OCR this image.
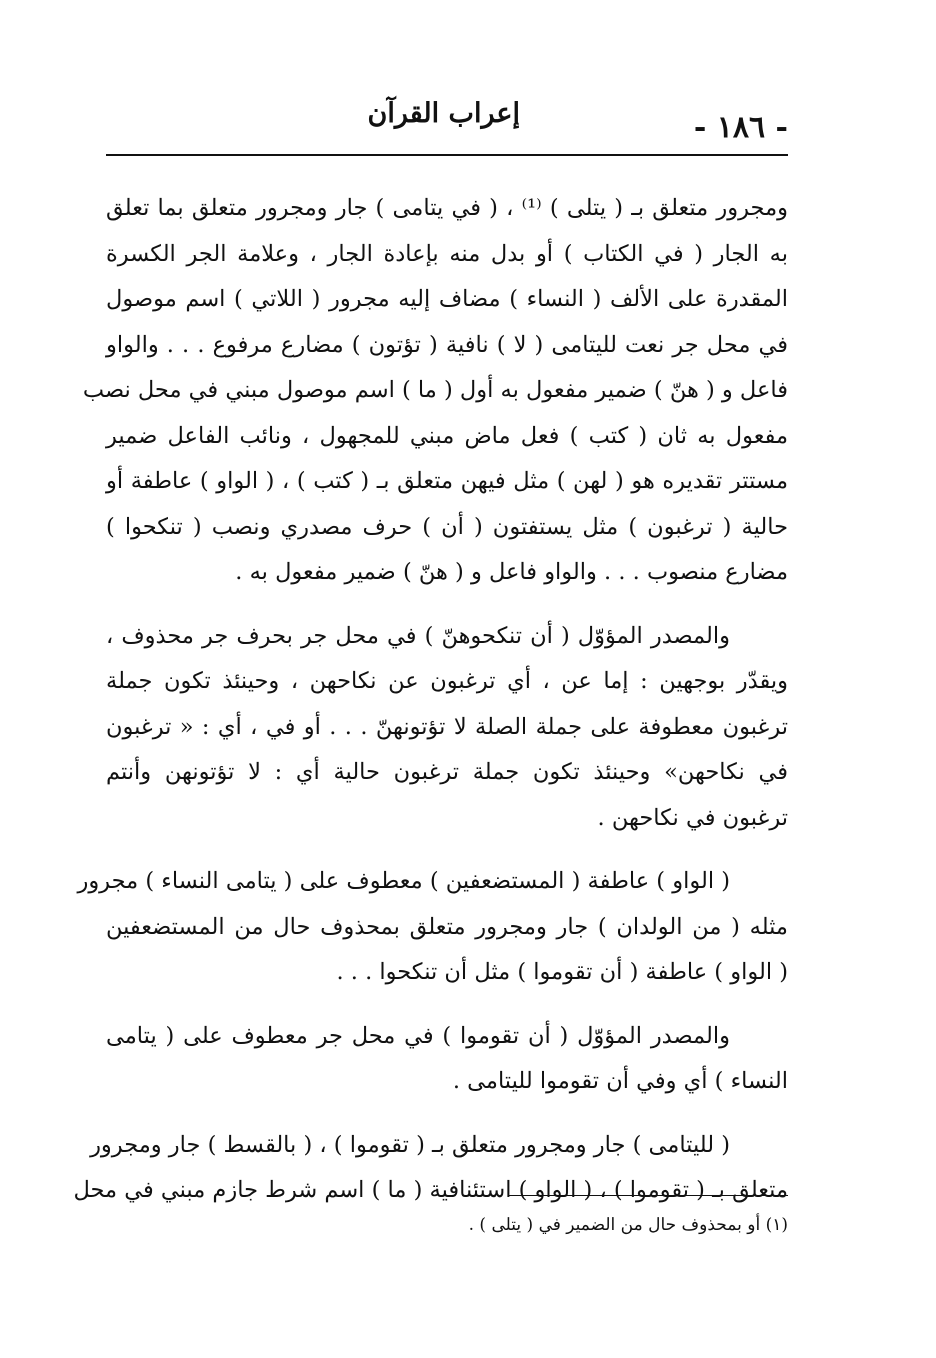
- ١٨٦ -
إعراب القرآن
ومجرور متعلق بـ ( يتلى ) ⁽¹⁾ ، ( في يتامى ) جار ومجرور متعلق بما تعلق
به الجار ( في الكتاب ) أو بدل منه بإعادة الجار ، وعلامة الجر الكسرة
المقدرة على الألف ( النساء ) مضاف إليه مجرور ( اللاتي ) اسم موصول
في محل جر نعت لليتامى ( لا ) نافية ( تؤتون ) مضارع مرفوع . . . والواو
فاعل و ( هنّ ) ضمير مفعول به أول ( ما ) اسم موصول مبني في محل نصب
مفعول به ثان ( كتب ) فعل ماض مبني للمجهول ، ونائب الفاعل ضمير
مستتر تقديره هو ( لهن ) مثل فيهن متعلق بـ ( كتب ) ، ( الواو ) عاطفة أو
حالية ( ترغبون ) مثل يستفتون ( أن ) حرف مصدري ونصب ( تنكحوا )
مضارع منصوب . . . والواو فاعل و ( هنّ ) ضمير مفعول به .
والمصدر المؤوّل ( أن تنكحوهنّ ) في محل جر بحرف جر محذوف ،
ويقدّر بوجهين : إما عن ، أي ترغبون عن نكاحهن ، وحينئذ تكون جملة
ترغبون معطوفة على جملة الصلة لا تؤتونهنّ . . . أو في ، أي : « ترغبون
في نكاحهن» وحينئذ تكون جملة ترغبون حالية أي : لا تؤتونهن وأنتم
ترغبون في نكاحهن .
( الواو ) عاطفة ( المستضعفين ) معطوف على ( يتامى النساء ) مجرور
مثله ( من الولدان ) جار ومجرور متعلق بمحذوف حال من المستضعفين
( الواو ) عاطفة ( أن تقوموا ) مثل أن تنكحوا . . .
والمصدر المؤوّل ( أن تقوموا ) في محل جر معطوف على ( يتامى
النساء ) أي وفي أن تقوموا لليتامى .
( لليتامى ) جار ومجرور متعلق بـ ( تقوموا ) ، ( بالقسط ) جار ومجرور
متعلق بـ ( تقوموا ) ، ( الواو ) استئنافية ( ما ) اسم شرط جازم مبني في محل
(١) أو بمحذوف حال من الضمير في ( يتلى ) .
